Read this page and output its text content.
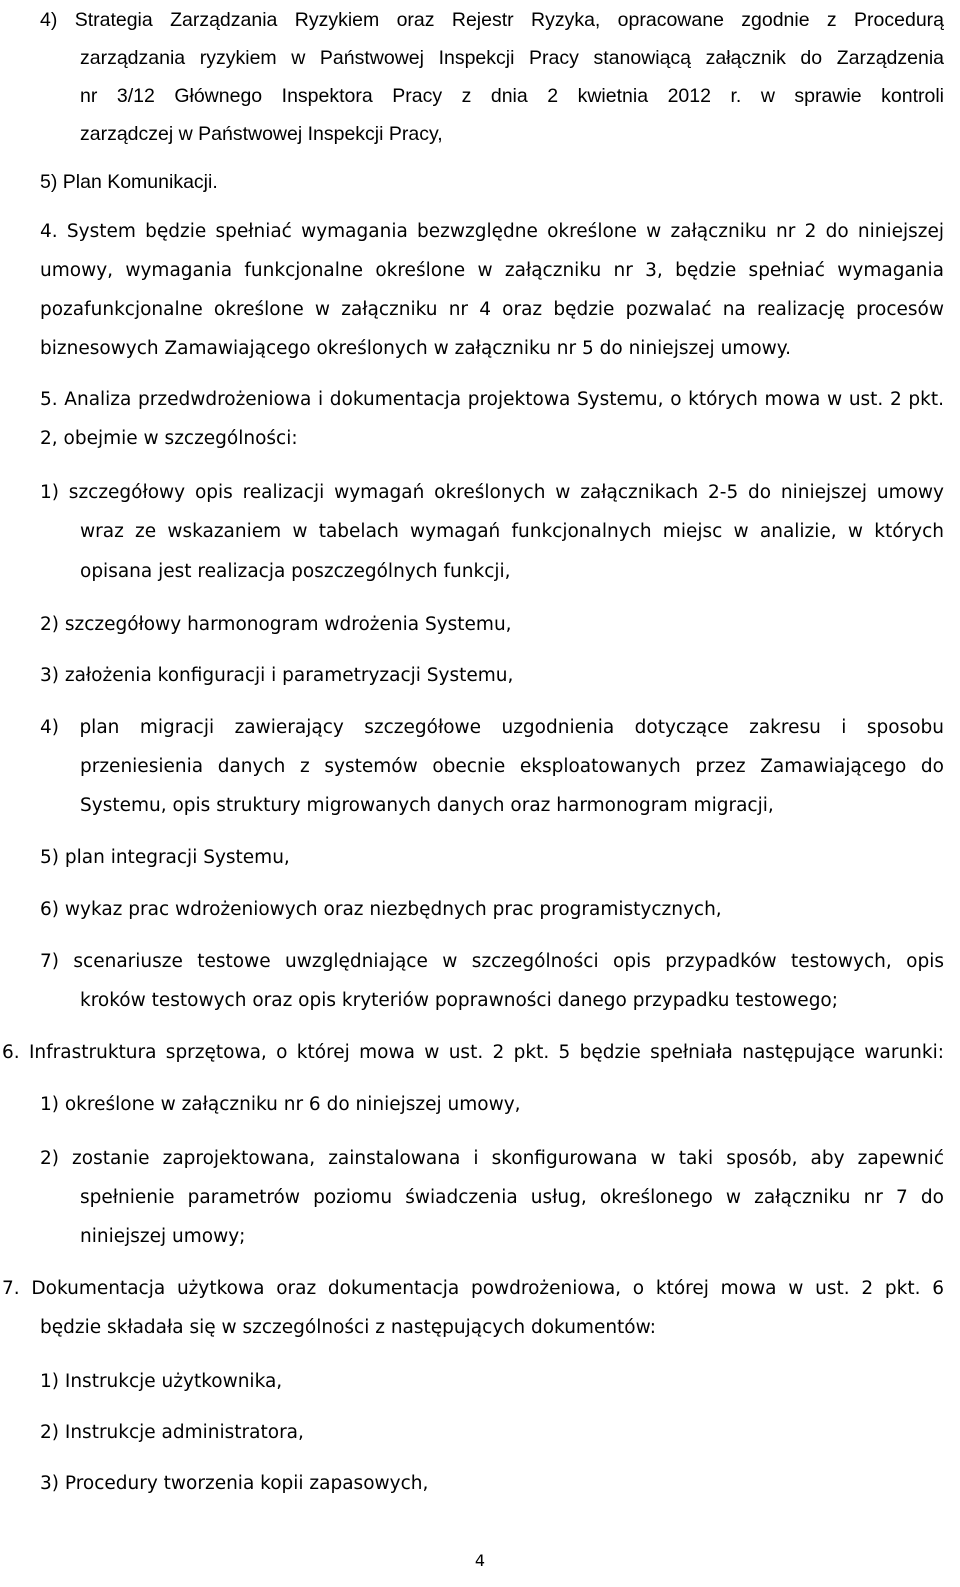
4) Strategia Zarządzania Ryzykiem oraz Rejestr Ryzyka, opracowane zgodnie z Procedurą
zarządzania ryzykiem w Państwowej Inspekcji Pracy stanowiącą załącznik do Zarządzenia
nr 3/12 Głównego Inspektora Pracy z dnia 2 kwietnia 2012 r. w sprawie kontroli
zarządczej w Państwowej Inspekcji Pracy,
5) Plan Komunikacji.
4. System będzie spełniać wymagania bezwzględne określone w załączniku nr 2 do niniejszej
umowy, wymagania funkcjonalne określone w załączniku nr 3, będzie spełniać wymagania
pozafunkcjonalne określone w załączniku nr 4 oraz będzie pozwalać na realizację procesów
biznesowych Zamawiającego określonych w załączniku nr 5 do niniejszej umowy.
5. Analiza przedwdrożeniowa i dokumentacja projektowa Systemu, o których mowa w ust. 2 pkt.
2, obejmie w szczególności:
1) szczegółowy opis realizacji wymagań określonych w załącznikach 2-5 do niniejszej umowy
wraz ze wskazaniem w tabelach wymagań funkcjonalnych miejsc w analizie, w których
opisana jest realizacja poszczególnych funkcji,
2) szczegółowy harmonogram wdrożenia Systemu,
3) założenia konfiguracji i parametryzacji Systemu,
4) plan migracji zawierający szczegółowe uzgodnienia dotyczące zakresu i sposobu
przeniesienia danych z systemów obecnie eksploatowanych przez Zamawiającego do
Systemu, opis struktury migrowanych danych oraz harmonogram migracji,
5) plan integracji Systemu,
6) wykaz prac wdrożeniowych oraz niezbędnych prac programistycznych,
7) scenariusze testowe uwzględniające w szczególności opis przypadków testowych, opis
kroków testowych oraz opis kryteriów poprawności danego przypadku testowego;
6. Infrastruktura sprzętowa, o której mowa w ust. 2 pkt. 5 będzie spełniała następujące warunki:
1) określone w załączniku nr 6 do niniejszej umowy,
2) zostanie zaprojektowana, zainstalowana i skonfigurowana w taki sposób, aby zapewnić
spełnienie parametrów poziomu świadczenia usług, określonego w załączniku nr 7 do
niniejszej umowy;
7. Dokumentacja użytkowa oraz dokumentacja powdrożeniowa, o której mowa w ust. 2 pkt. 6
będzie składała się w szczególności z następujących dokumentów:
1) Instrukcje użytkownika,
2) Instrukcje administratora,
3) Procedury tworzenia kopii zapasowych,
4
